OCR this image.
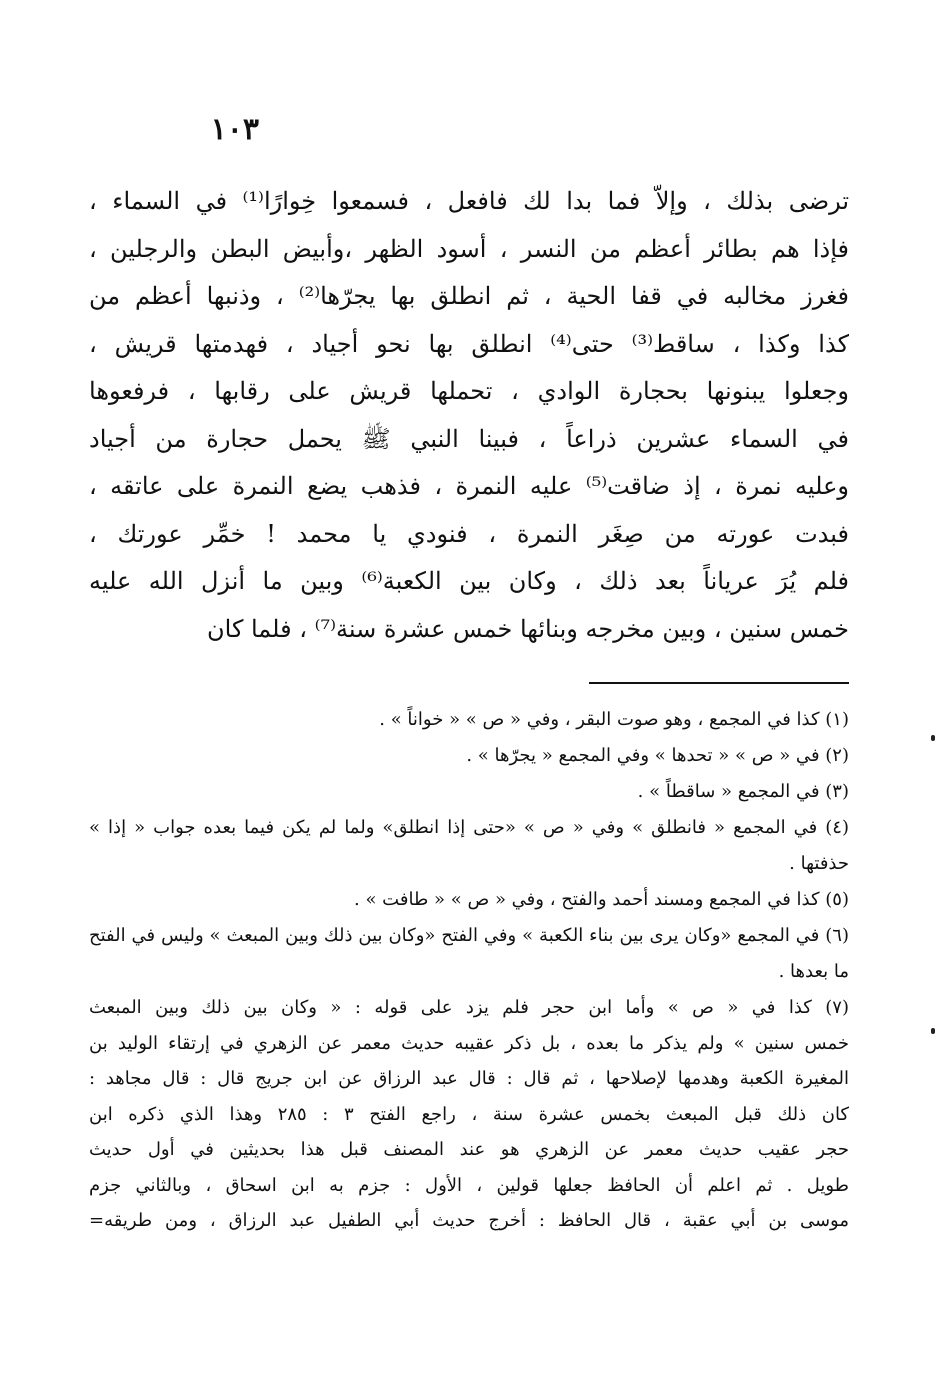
١٠٣
ترضى بذلك ، وإلاّ فما بدا لك فافعل ، فسمعوا خِوارًا⁽¹⁾ في السماء ،
فإذا هم بطائر أعظم من النسر ، أسود الظهر ،وأبيض البطن والرجلين ،
فغرز مخالبه في قفا الحية ، ثم انطلق بها يجرّها⁽²⁾ ، وذنبها أعظم من
كذا وكذا ، ساقط⁽³⁾ حتى⁽⁴⁾ انطلق بها نحو أجياد ، فهدمتها قريش ،
وجعلوا يبنونها بحجارة الوادي ، تحملها قريش على رقابها ، فرفعوها
في السماء عشرين ذراعاً ، فبينا النبي ﷺ يحمل حجارة من أجياد
وعليه نمرة ، إذ ضاقت⁽⁵⁾ عليه النمرة ، فذهب يضع النمرة على عاتقه ،
فبدت عورته من صِغَر النمرة ، فنودي يا محمد ! خمِّر عورتك ،
فلم يُرَ عرياناً بعد ذلك ، وكان بين الكعبة⁽⁶⁾ وبين ما أنزل الله عليه
خمس سنين ، وبين مخرجه وبنائها خمس عشرة سنة⁽⁷⁾ ، فلما كان
(١) كذا في المجمع ، وهو صوت البقر ، وفي « ص » « خواناً » .
(٢) في « ص » « تحدها » وفي المجمع « يجرّها » .
(٣) في المجمع « ساقطاً » .
(٤) في المجمع « فانطلق » وفي « ص » «حتى إذا انطلق» ولما لم يكن فيما بعده جواب « إذا » حذفتها .
(٥) كذا في المجمع ومسند أحمد والفتح ، وفي « ص » « طافت » .
(٦) في المجمع «وكان يرى بين بناء الكعبة » وفي الفتح «وكان بين ذلك وبين المبعث » وليس في الفتح ما بعدها .
(٧) كذا في « ص » وأما ابن حجر فلم يزد على قوله : « وكان بين ذلك وبين المبعث
خمس سنين » ولم يذكر ما بعده ، بل ذكر عقيبه حديث معمر عن الزهري في إرتقاء الوليد بن
المغيرة الكعبة وهدمها لإصلاحها ، ثم قال : قال عبد الرزاق عن ابن جريج قال : قال مجاهد :
كان ذلك قبل المبعث بخمس عشرة سنة ، راجع الفتح ٣ : ٢٨٥ وهذا الذي ذكره ابن
حجر عقيب حديث معمر عن الزهري هو عند المصنف قبل هذا بحديثين في أول حديث
طويل . ثم اعلم أن الحافظ جعلها قولين ، الأول : جزم به ابن اسحاق ، وبالثاني جزم
موسى بن أبي عقبة ، قال الحافظ : أخرج حديث أبي الطفيل عبد الرزاق ، ومن طريقه=
